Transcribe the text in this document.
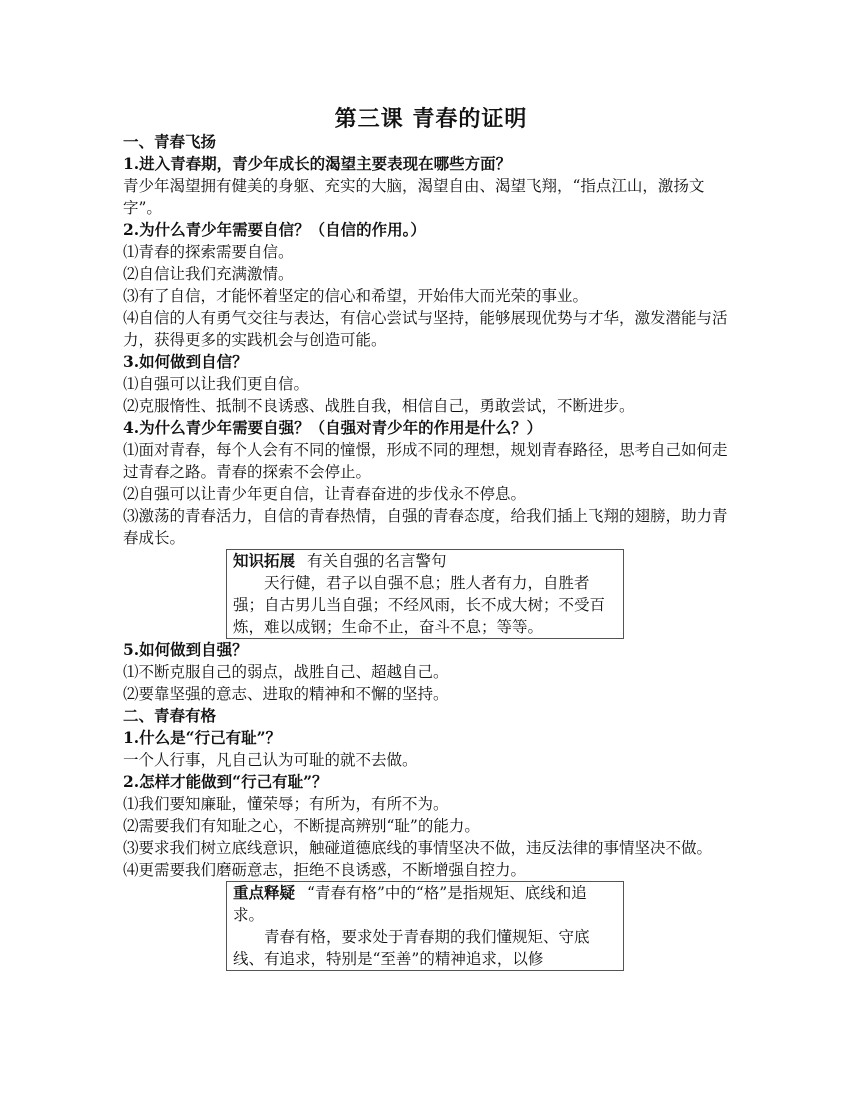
第三课 青春的证明
一、青春飞扬
1.进入青春期，青少年成长的渴望主要表现在哪些方面？

青少年渴望拥有健美的身躯、充实的大脑，渴望自由、渴望飞翔，“指点江山，激扬文字”。

2.为什么青少年需要自信？（自信的作用。）

⑴青春的探索需要自信。

⑵自信让我们充满激情。

⑶有了自信，才能怀着坚定的信心和希望，开始伟大而光荣的事业。

⑷自信的人有勇气交往与表达，有信心尝试与坚持，能够展现优势与才华，激发潜能与活力，获得更多的实践机会与创造可能。

3.如何做到自信？

⑴自强可以让我们更自信。

⑵克服惰性、抵制不良诱惑、战胜自我，相信自己，勇敢尝试，不断进步。

4.为什么青少年需要自强？（自强对青少年的作用是什么？）

⑴面对青春，每个人会有不同的憧憬，形成不同的理想，规划青春路径，思考自己如何走过青春之路。青春的探索不会停止。

⑵自强可以让青少年更自信，让青春奋进的步伐永不停息。

⑶激荡的青春活力，自信的青春热情，自强的青春态度，给我们插上飞翔的翅膀，助力青春成长。

知识拓展 有关自强的名言警句
天行健，君子以自强不息；胜人者有力，自胜者强；自古男儿当自强；不经风雨，长不成大树；不受百炼，难以成钢；生命不止，奋斗不息；等等。
5.如何做到自强？

⑴不断克服自己的弱点，战胜自己、超越自己。

⑵要靠坚强的意志、进取的精神和不懈的坚持。

二、青春有格
1.什么是“行己有耻”？

一个人行事，凡自己认为可耻的就不去做。

2.怎样才能做到“行己有耻”？

⑴我们要知廉耻，懂荣辱；有所为，有所不为。

⑵需要我们有知耻之心，不断提高辨别“耻”的能力。

⑶要求我们树立底线意识，触碰道德底线的事情坚决不做，违反法律的事情坚决不做。

⑷更需要我们磨砺意志，拒绝不良诱惑，不断增强自控力。

重点释疑 “青春有格”中的“格”是指规矩、底线和追求。
青春有格，要求处于青春期的我们懂规矩、守底线、有追求，特别是“至善”的精神追求，以修
